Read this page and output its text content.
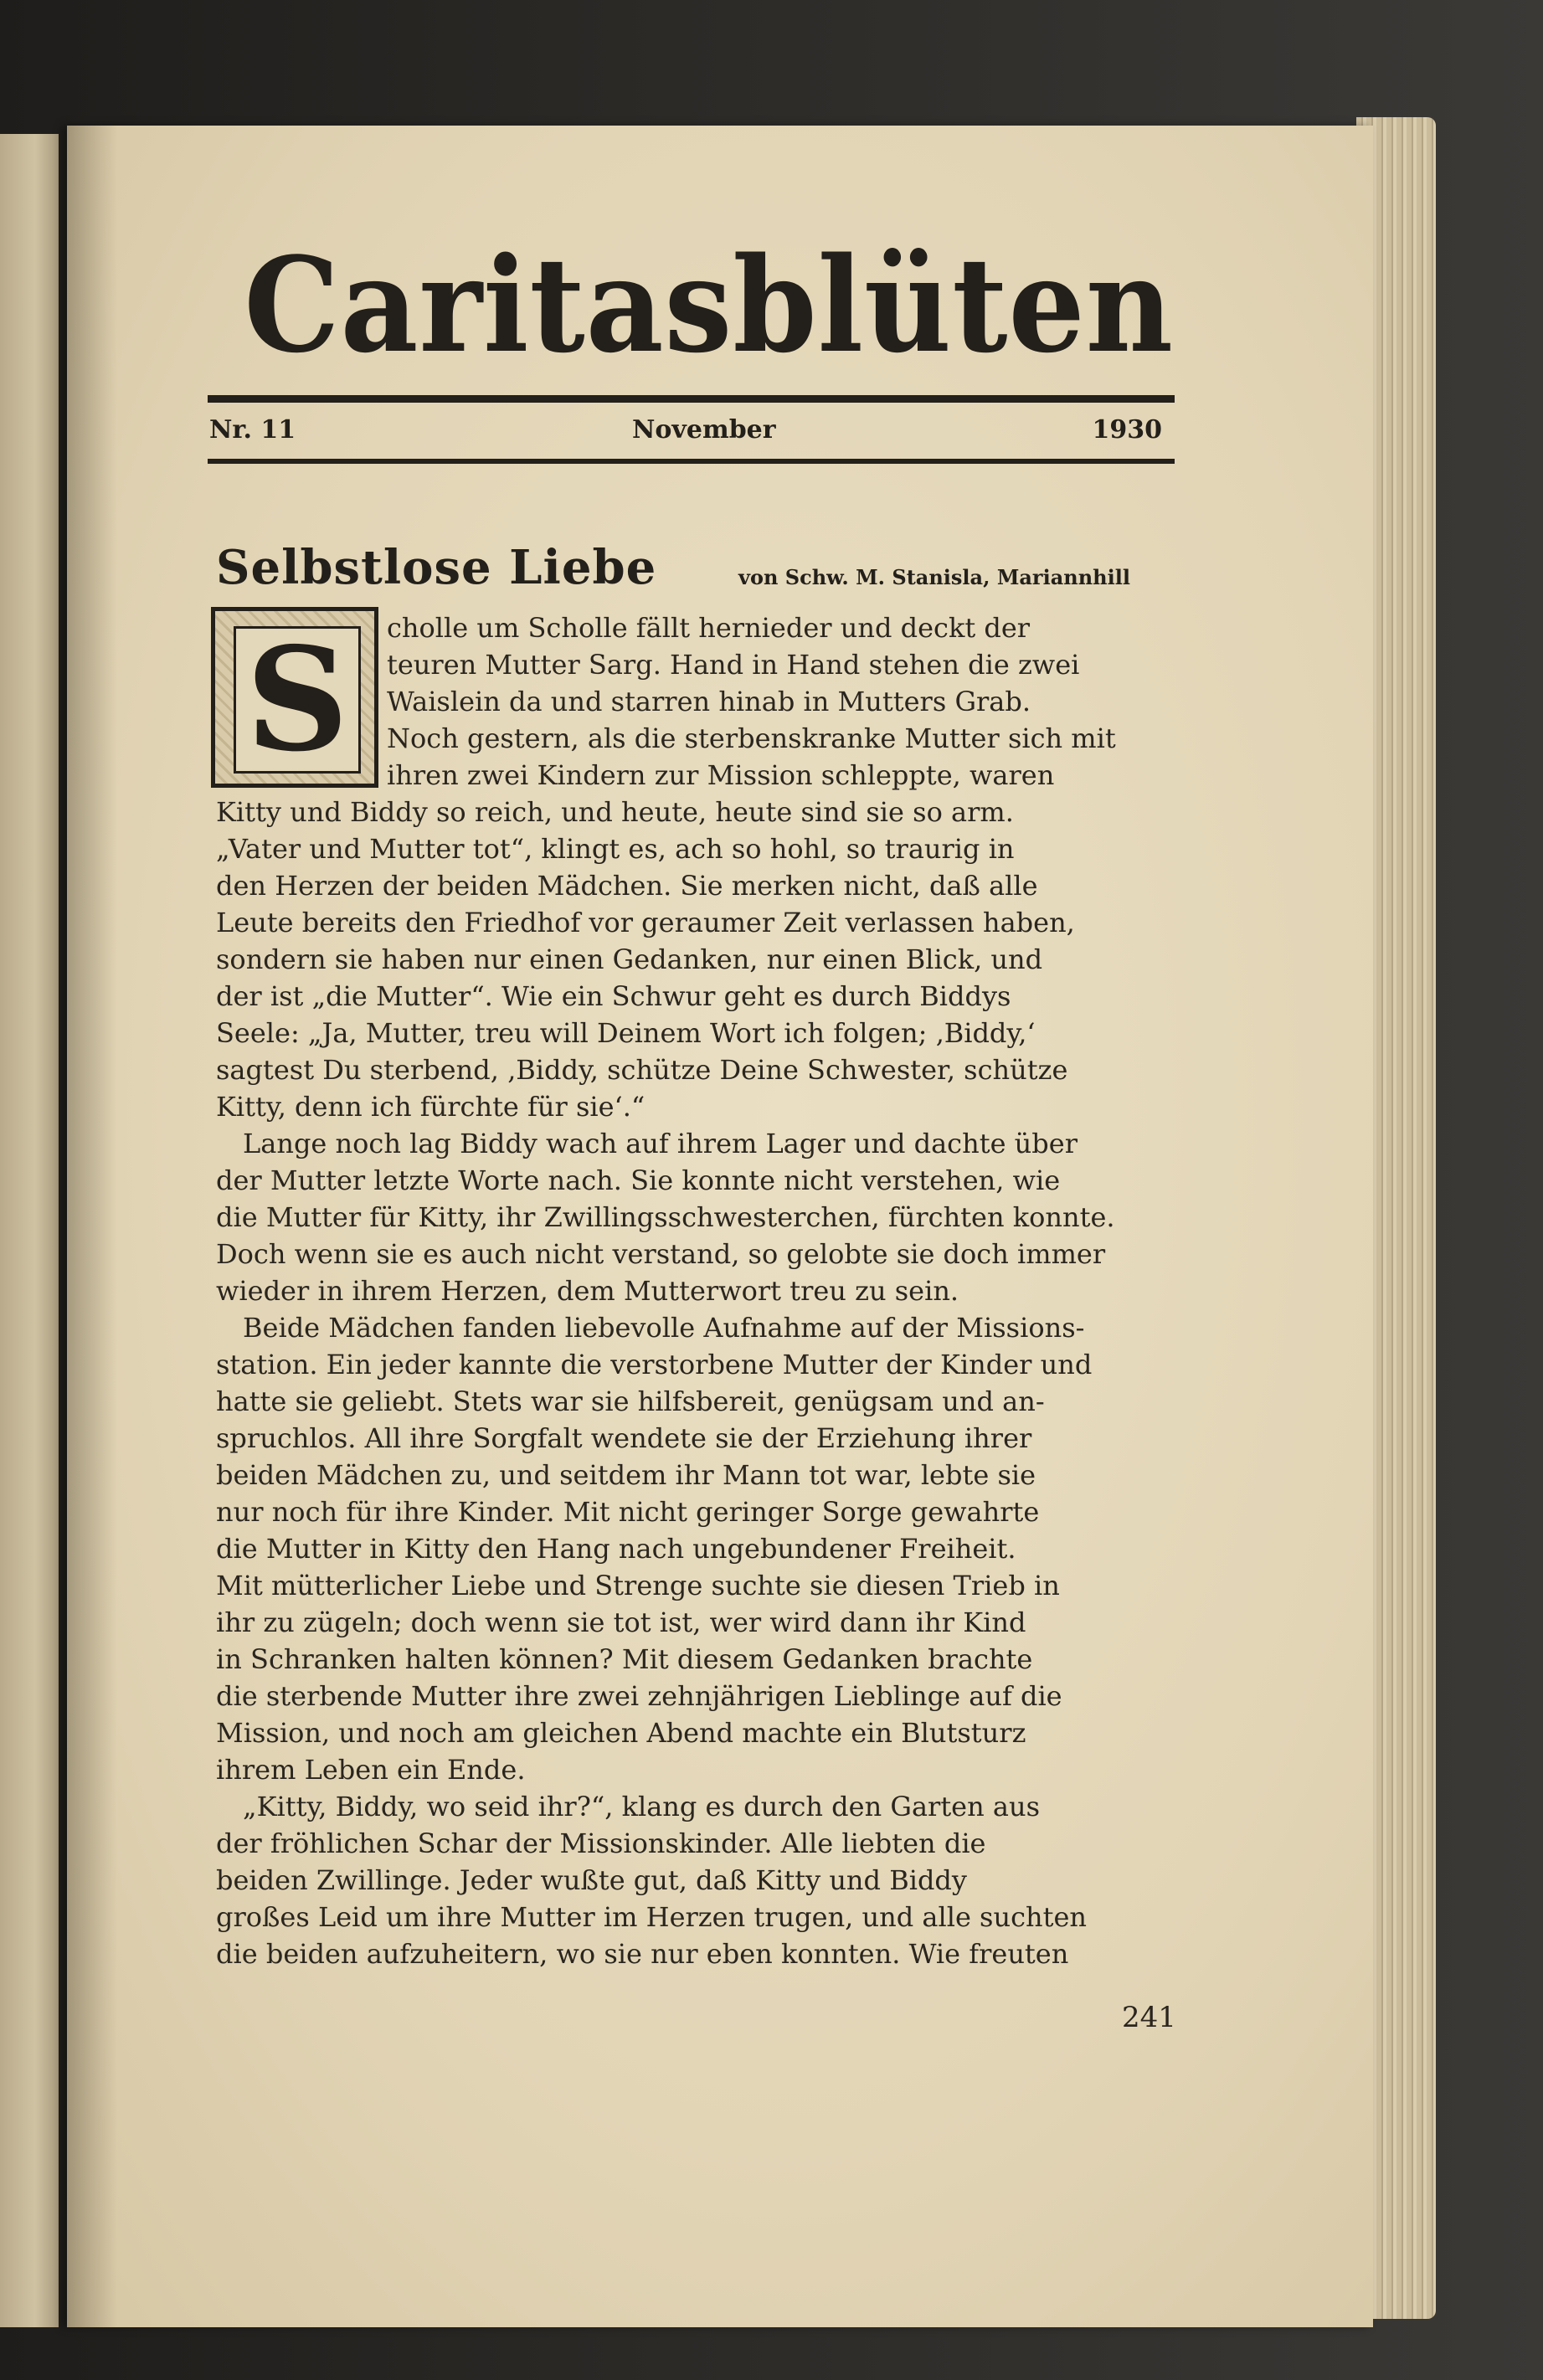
Caritasblüten
Nr. 11	November	1930
Selbstlose Liebe	von Schw. M. Stanisla, Mariannhill
S	cholle um Scholle fällt hernieder und deckt der
teuren Mutter Sarg. Hand in Hand stehen die zwei
Waislein da und starren hinab in Mutters Grab.
Noch gestern, als die sterbenskranke Mutter sich mit
ihren zwei Kindern zur Mission schleppte, waren
Kitty und Biddy so reich, und heute, heute sind sie so arm.
„Vater und Mutter tot“, klingt es, ach so hohl, so traurig in
den Herzen der beiden Mädchen. Sie merken nicht, daß alle
Leute bereits den Friedhof vor geraumer Zeit verlassen haben,
sondern sie haben nur einen Gedanken, nur einen Blick, und
der ist „die Mutter“. Wie ein Schwur geht es durch Biddys
Seele: „Ja, Mutter, treu will Deinem Wort ich folgen; ‚Biddy,‘
sagtest Du sterbend, ‚Biddy, schütze Deine Schwester, schütze
Kitty, denn ich fürchte für sie‘.“
Lange noch lag Biddy wach auf ihrem Lager und dachte über
der Mutter letzte Worte nach. Sie konnte nicht verstehen, wie
die Mutter für Kitty, ihr Zwillingsschwesterchen, fürchten konnte.
Doch wenn sie es auch nicht verstand, so gelobte sie doch immer
wieder in ihrem Herzen, dem Mutterwort treu zu sein.
Beide Mädchen fanden liebevolle Aufnahme auf der Missions-
station. Ein jeder kannte die verstorbene Mutter der Kinder und
hatte sie geliebt. Stets war sie hilfsbereit, genügsam und an-
spruchlos. All ihre Sorgfalt wendete sie der Erziehung ihrer
beiden Mädchen zu, und seitdem ihr Mann tot war, lebte sie
nur noch für ihre Kinder. Mit nicht geringer Sorge gewahrte
die Mutter in Kitty den Hang nach ungebundener Freiheit.
Mit mütterlicher Liebe und Strenge suchte sie diesen Trieb in
ihr zu zügeln; doch wenn sie tot ist, wer wird dann ihr Kind
in Schranken halten können? Mit diesem Gedanken brachte
die sterbende Mutter ihre zwei zehnjährigen Lieblinge auf die
Mission, und noch am gleichen Abend machte ein Blutsturz
ihrem Leben ein Ende.
„Kitty, Biddy, wo seid ihr?“, klang es durch den Garten aus
der fröhlichen Schar der Missionskinder. Alle liebten die
beiden Zwillinge. Jeder wußte gut, daß Kitty und Biddy
großes Leid um ihre Mutter im Herzen trugen, und alle suchten
die beiden aufzuheitern, wo sie nur eben konnten. Wie freuten
241
